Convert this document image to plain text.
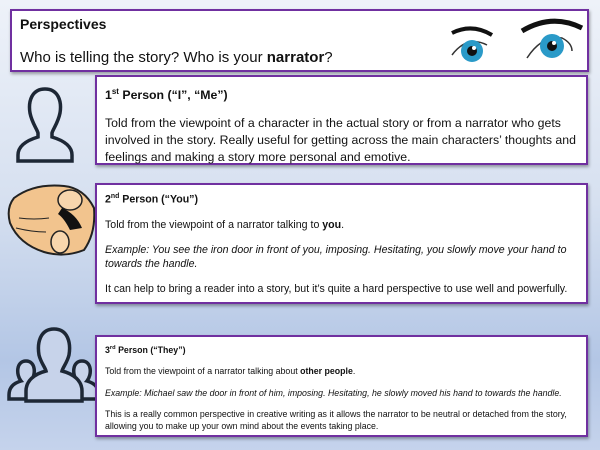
Perspectives
Who is telling the story? Who is your narrator?
1st Person (“I”, “Me”)

Told from the viewpoint of a character in the actual story or from a narrator who gets involved in the story. Really useful for getting across the main characters’ thoughts and feelings and making a story more personal and emotive.

2nd Person (“You”)

Told from the viewpoint of a narrator talking to you.

Example: You see the iron door in front of you, imposing. Hesitating, you slowly move your hand to towards the handle.

It can help to bring a reader into a story, but it’s quite a hard perspective to use well and powerfully.

3rd Person (“They”)

Told from the viewpoint of a narrator talking about other people.

Example: Michael saw the door in front of him, imposing. Hesitating, he slowly moved his hand to towards the handle.

This is a really common perspective in creative writing as it allows the narrator to be neutral or detached from the story, allowing you to make up your own mind about the events taking place.
